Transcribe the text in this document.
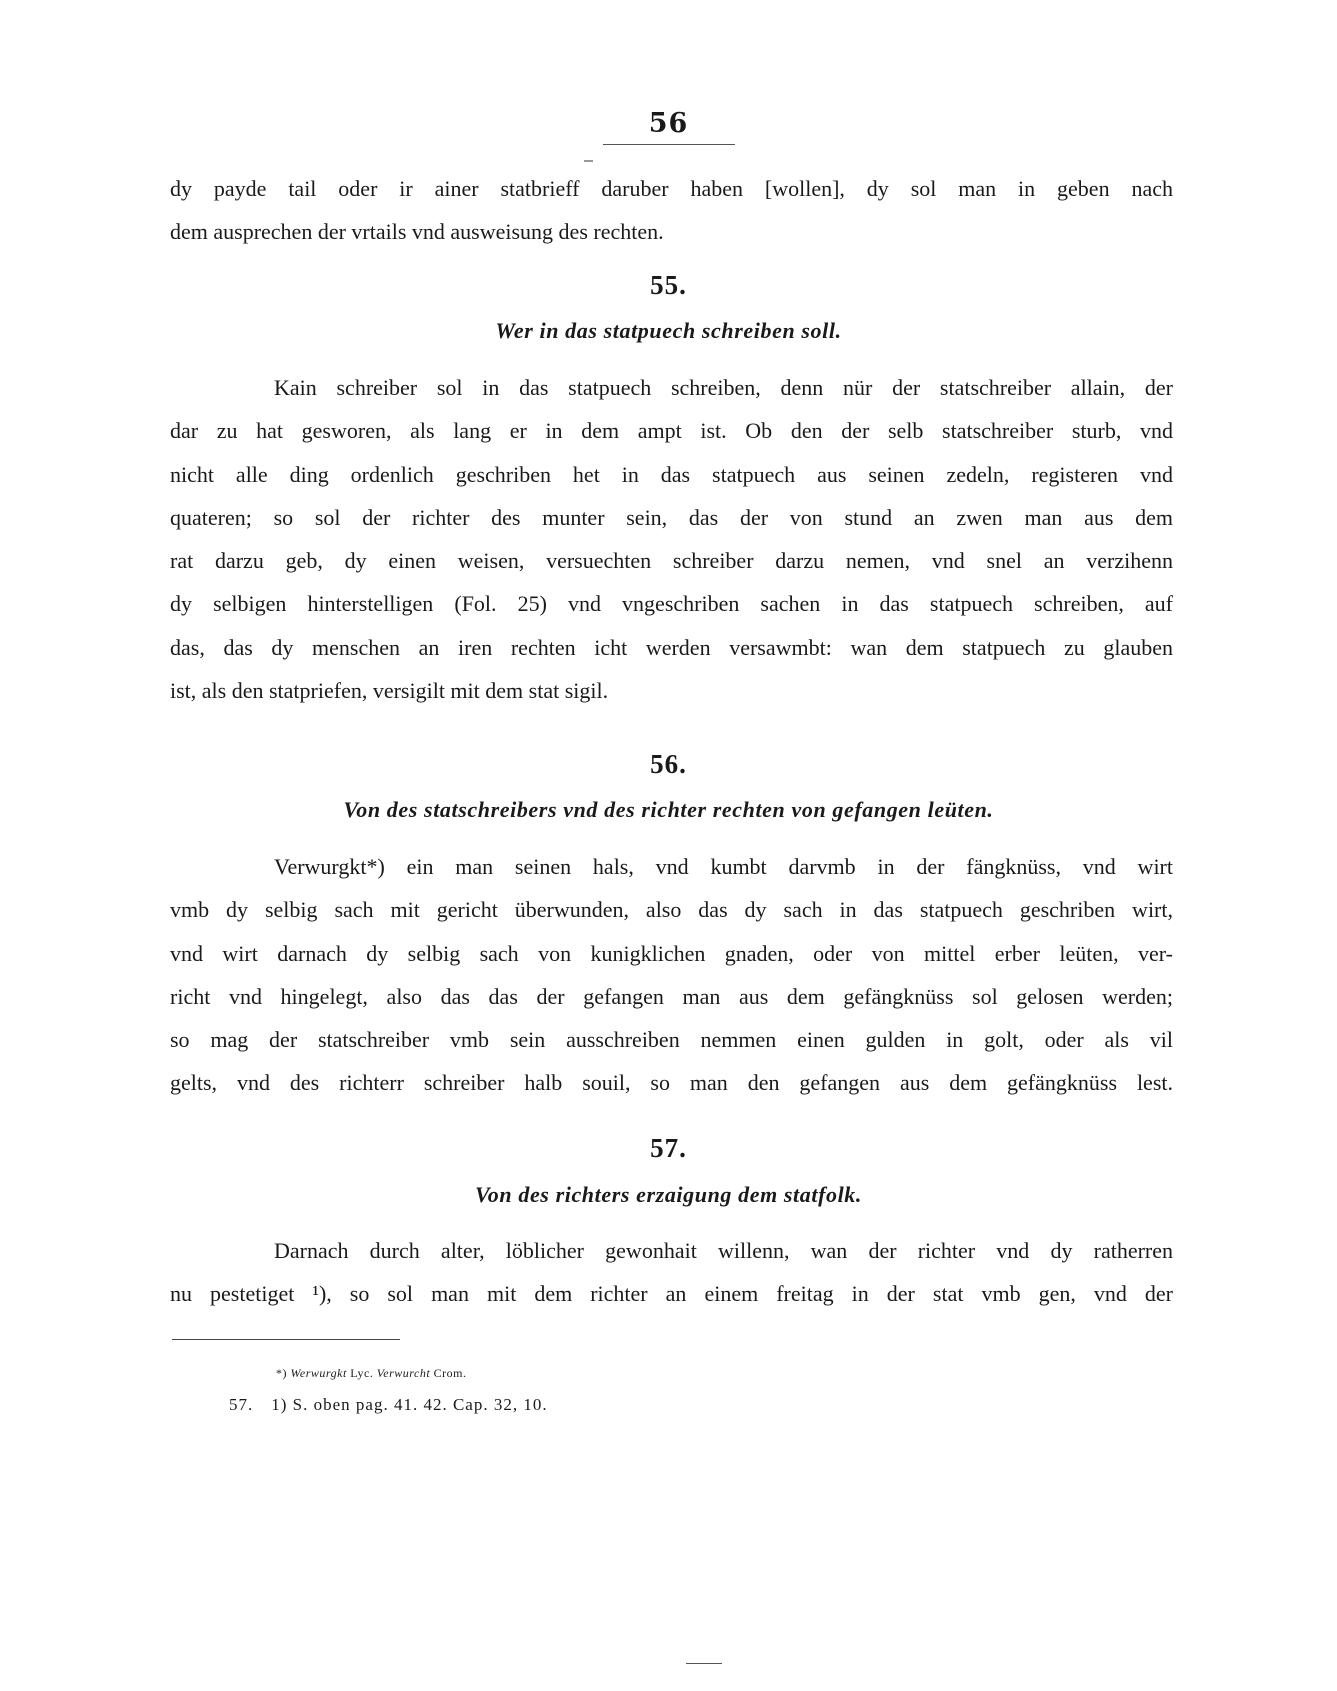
56

dy payde tail oder ir ainer statbrieff daruber haben [wollen], dy sol man in geben nach
dem ausprechen der vrtails vnd ausweisung des rechten.

55.
Wer in das statpuech schreiben soll.

Kain schreiber sol in das statpuech schreiben, denn nür der statschreiber allain, der
dar zu hat gesworen, als lang er in dem ampt ist. Ob den der selb statschreiber sturb, vnd
nicht alle ding ordenlich geschriben het in das statpuech aus seinen zedeln, registeren vnd
quateren; so sol der richter des munter sein, das der von stund an zwen man aus dem
rat darzu geb, dy einen weisen, versuechten schreiber darzu nemen, vnd snel an verzihenn
dy selbigen hinterstelligen (Fol. 25) vnd vngeschriben sachen in das statpuech schreiben, auf
das, das dy menschen an iren rechten icht werden versawmbt: wan dem statpuech zu glauben
ist, als den statpriefen, versigilt mit dem stat sigil.

56.
Von des statschreibers vnd des richter rechten von gefangen leüten.

Verwurgkt*) ein man seinen hals, vnd kumbt darvmb in der fängknüss, vnd wirt
vmb dy selbig sach mit gericht überwunden, also das dy sach in das statpuech geschriben wirt,
vnd wirt darnach dy selbig sach von kunigklichen gnaden, oder von mittel erber leüten, ver-
richt vnd hingelegt, also das das der gefangen man aus dem gefängknüss sol gelosen werden;
so mag der statschreiber vmb sein ausschreiben nemmen einen gulden in golt, oder als vil
gelts, vnd des richterr schreiber halb souil, so man den gefangen aus dem gefängknüss lest.

57.
Von des richters erzaigung dem statfolk.

Darnach durch alter, löblicher gewonhait willenn, wan der richter vnd dy ratherren
nu pestetiget ¹), so sol man mit dem richter an einem freitag in der stat vmb gen, vnd der

*) Werwurgkt Lyc. Verwurcht Crom.
57. 1) S. oben pag. 41. 42. Cap. 32, 10.
